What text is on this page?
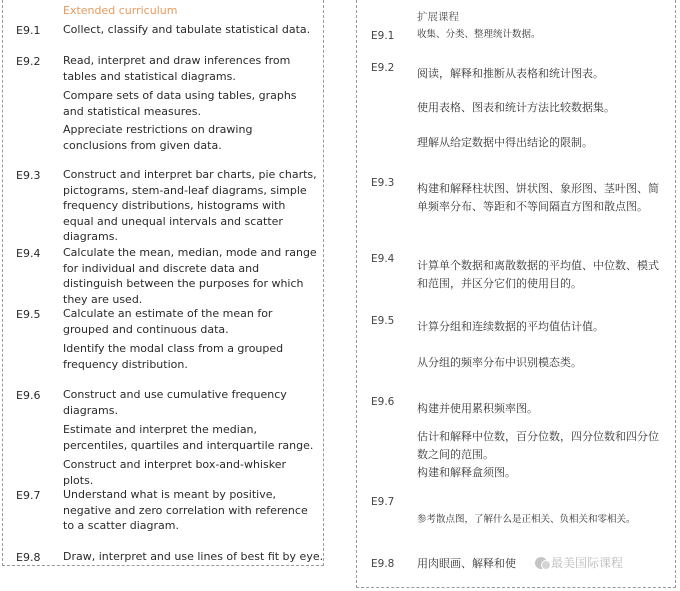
Extended curriculum
E9.1 Collect, classify and tabulate statistical data.
E9.2 Read, interpret and draw inferences from tables and statistical diagrams.
Compare sets of data using tables, graphs and statistical measures.
Appreciate restrictions on drawing conclusions from given data.
E9.3 Construct and interpret bar charts, pie charts, pictograms, stem-and-leaf diagrams, simple frequency distributions, histograms with equal and unequal intervals and scatter diagrams.
E9.4 Calculate the mean, median, mode and range for individual and discrete data and distinguish between the purposes for which they are used.
E9.5 Calculate an estimate of the mean for grouped and continuous data.
Identify the modal class from a grouped frequency distribution.
E9.6 Construct and use cumulative frequency diagrams.
Estimate and interpret the median, percentiles, quartiles and interquartile range.
Construct and interpret box-and-whisker plots.
E9.7 Understand what is meant by positive, negative and zero correlation with reference to a scatter diagram.
E9.8 Draw, interpret and use lines of best fit by eye.
扩展课程
E9.1 收集、分类、整理统计数据。
E9.2 阅读，解释和推断从表格和统计图表。
使用表格、图表和统计方法比较数据集。
理解从给定数据中得出结论的限制。
E9.3 构建和解释柱状图、饼状图、象形图、茎叶图、简单频率分布、等距和不等间隔直方图和散点图。
E9.4 计算单个数据和离散数据的平均值、中位数、模式和范围，并区分它们的使用目的。
E9.5 计算分组和连续数据的平均值估计值。
从分组的频率分布中识别模态类。
E9.6 构建并使用累积频率图。
估计和解释中位数，百分位数，四分位数和四分位数之间的范围。
构建和解释盒须图。
E9.7
参考散点图，了解什么是正相关、负相关和零相关。
E9.8 用肉眼画、解释和使	最美国际课程
